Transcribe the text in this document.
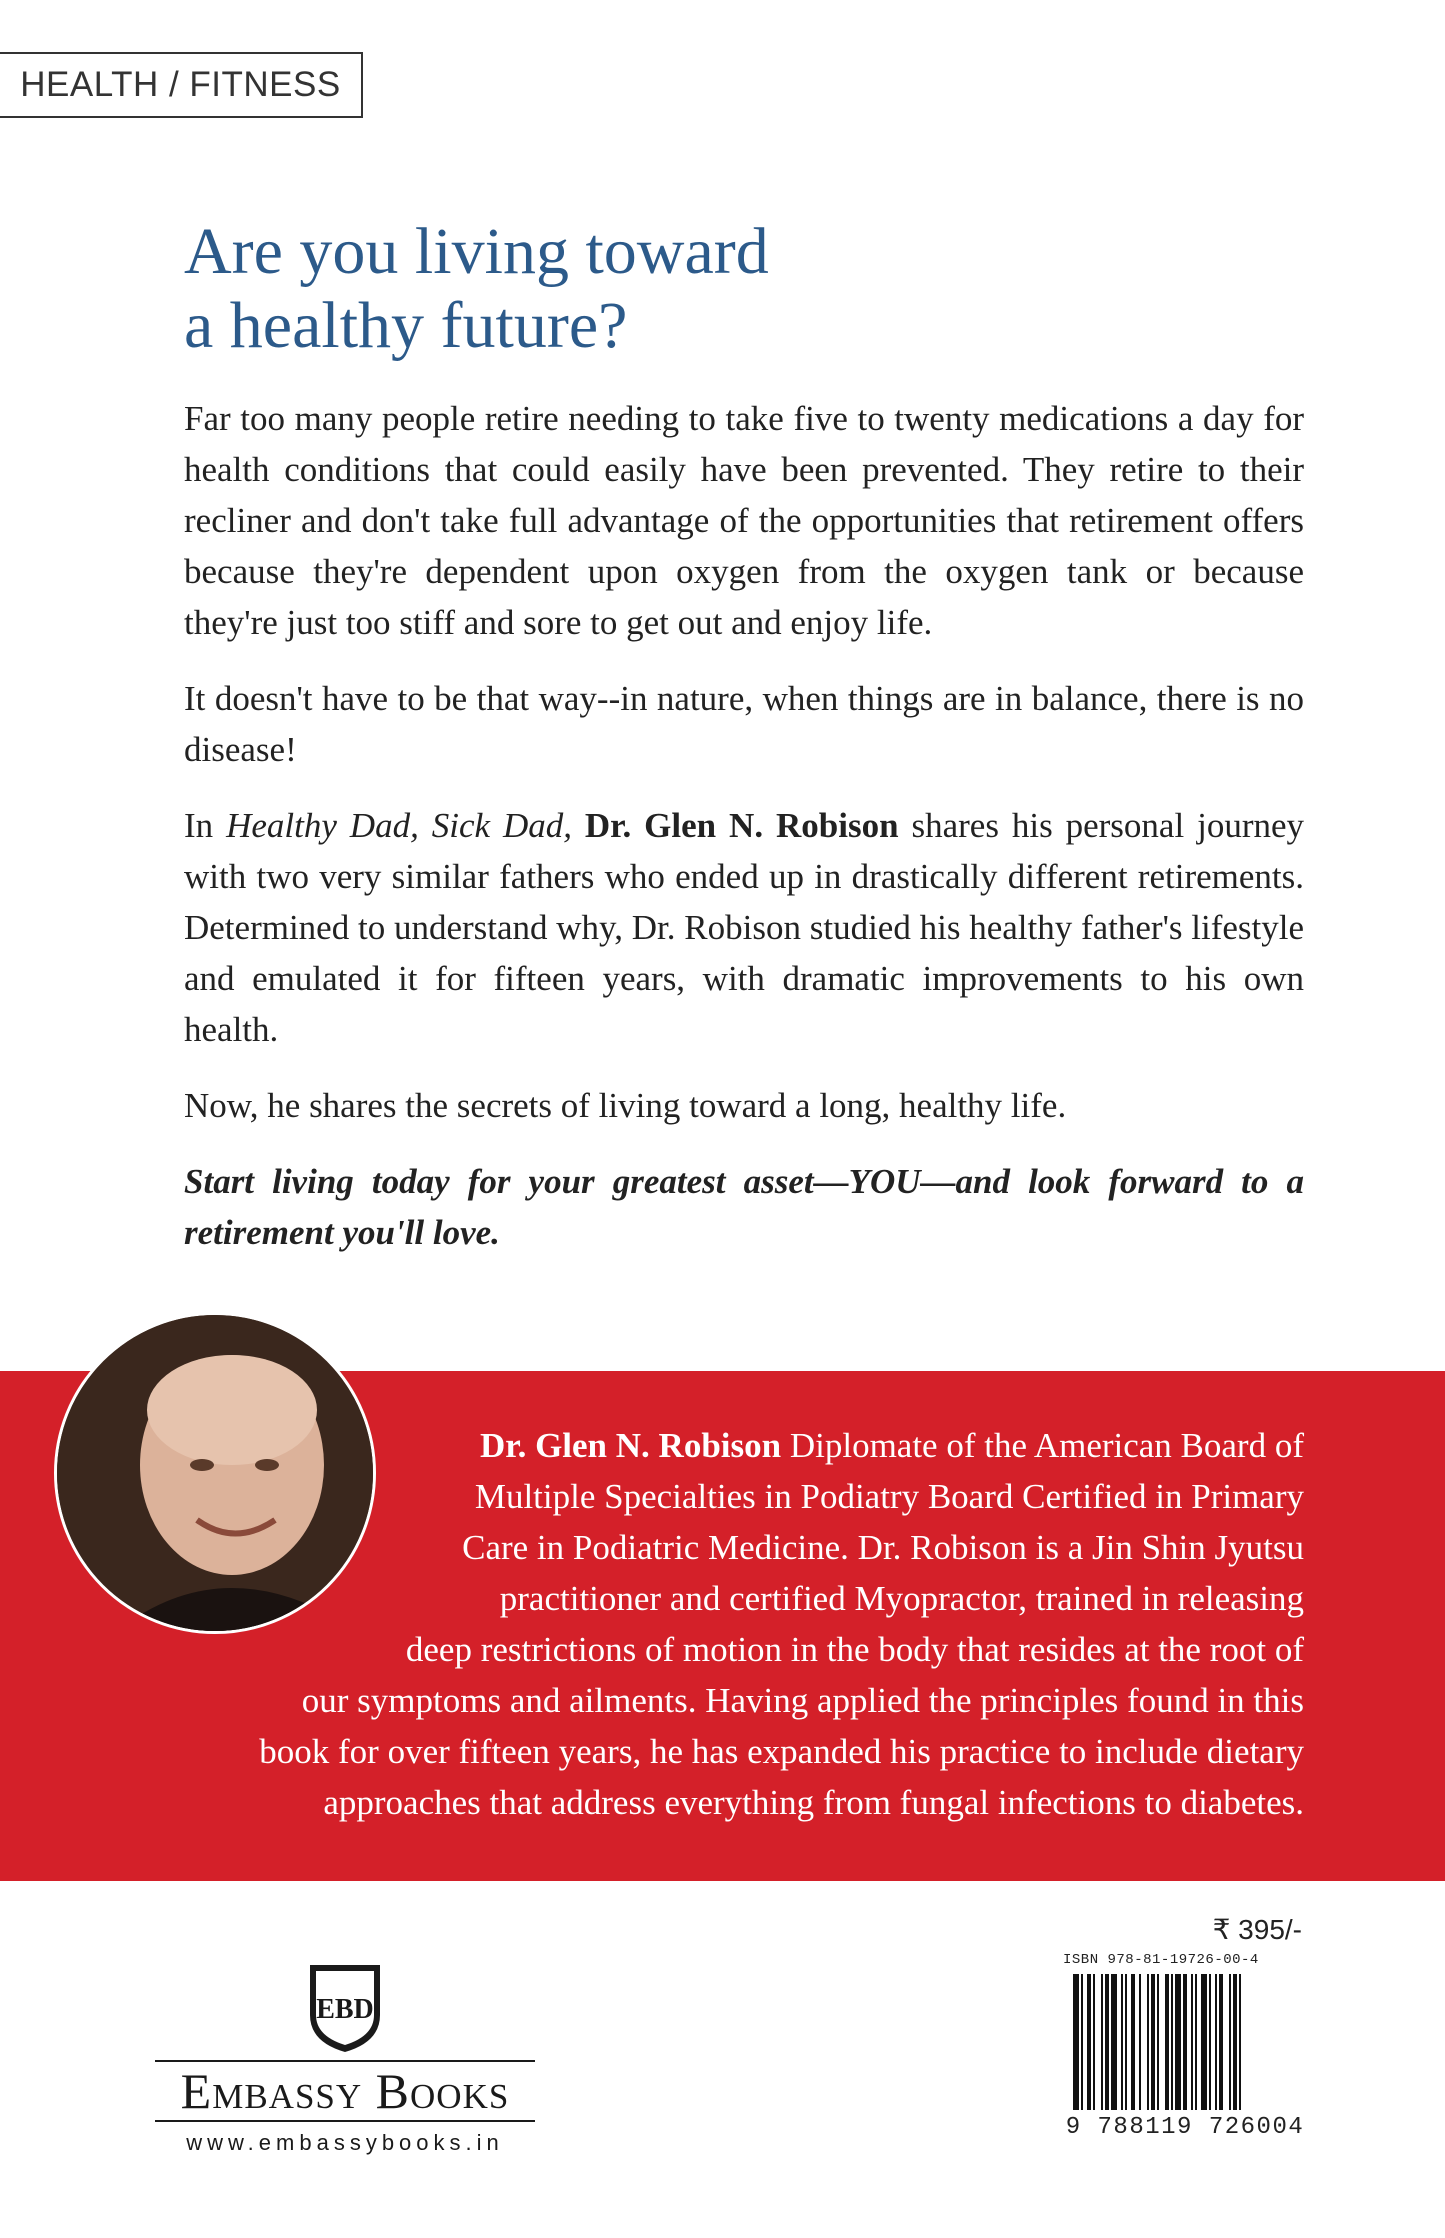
HEALTH / FITNESS
Are you living toward
a healthy future?

Far too many people retire needing to take five to twenty medications a day for health conditions that could easily have been prevented. They retire to their recliner and don't take full advantage of the opportunities that retirement offers because they're dependent upon oxygen from the oxygen tank or because they're just too stiff and sore to get out and enjoy life.

It doesn't have to be that way--in nature, when things are in balance, there is no disease!

In Healthy Dad, Sick Dad, Dr. Glen N. Robison shares his personal journey with two very similar fathers who ended up in drastically different retirements. Determined to understand why, Dr. Robison studied his healthy father's lifestyle and emulated it for fifteen years, with dramatic improvements to his own health.

Now, he shares the secrets of living toward a long, healthy life.

Start living today for your greatest asset—YOU—and look forward to a retirement you'll love.

Dr. Glen N. Robison Diplomate of the American Board of
Multiple Specialties in Podiatry Board Certified in Primary
Care in Podiatric Medicine. Dr. Robison is a Jin Shin Jyutsu
practitioner and certified Myopractor, trained in releasing
deep restrictions of motion in the body that resides at the root of
our symptoms and ailments. Having applied the principles found in this
book for over fifteen years, he has expanded his practice to include dietary
approaches that address everything from fungal infections to diabetes.
EBD
Embassy Books
www.embassybooks.in
₹ 395/-
ISBN 978-81-19726-00-4
9 788119 726004
